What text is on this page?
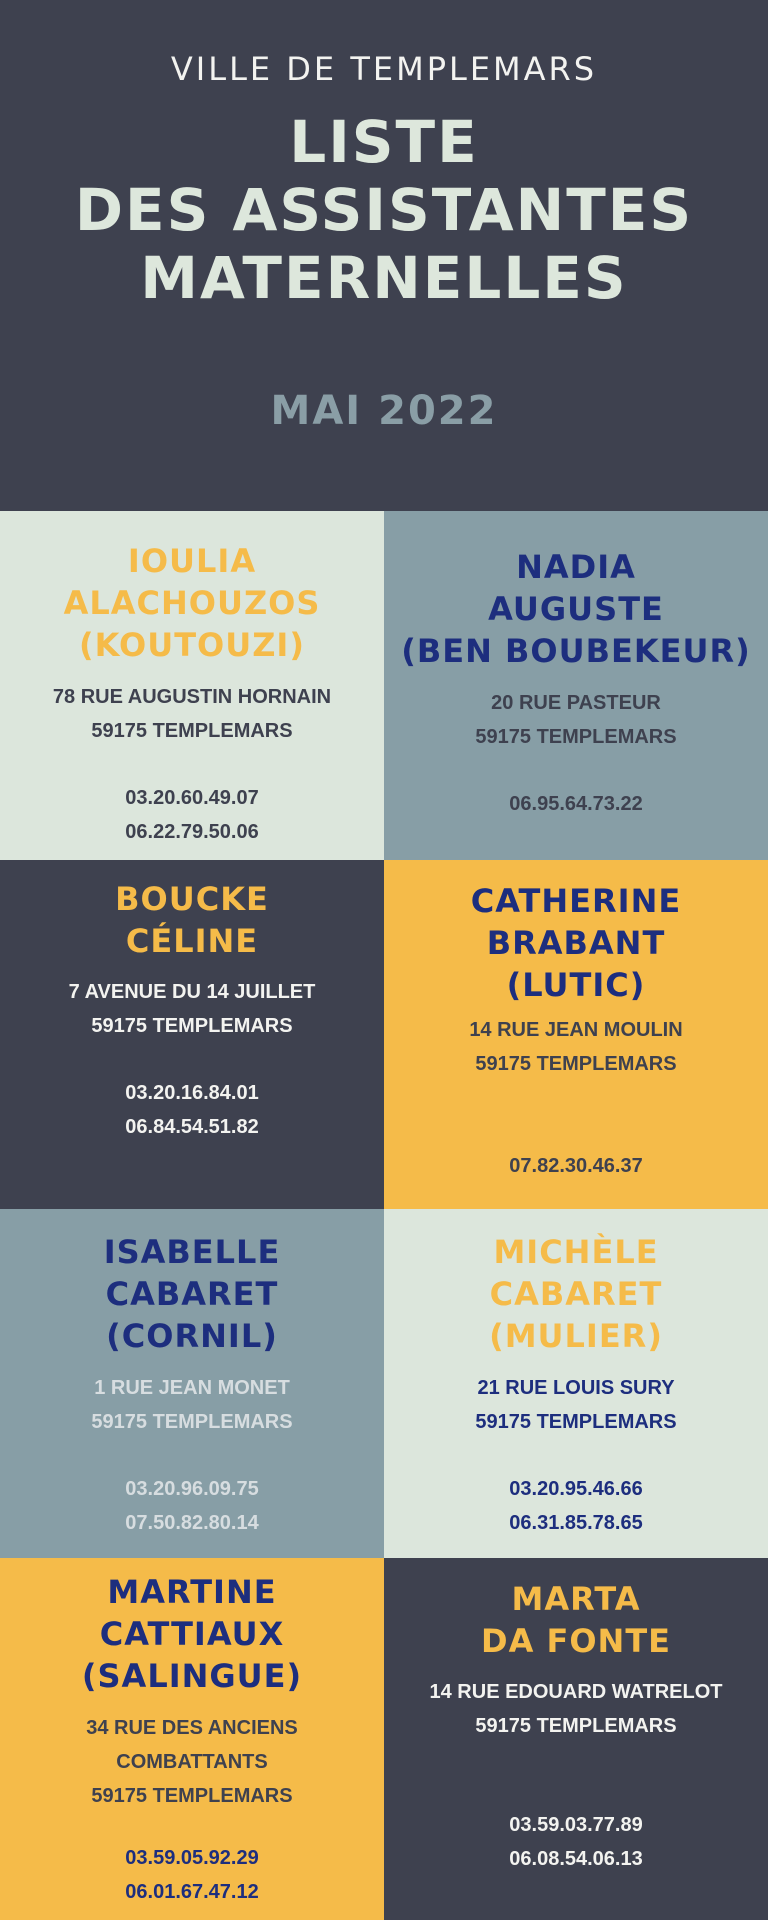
VILLE DE TEMPLEMARS
LISTE
DES ASSISTANTES
MATERNELLES
MAI 2022
IOULIA
ALACHOUZOS
(KOUTOUZI)
78 RUE AUGUSTIN HORNAIN
59175 TEMPLEMARS
03.20.60.49.07
06.22.79.50.06
NADIA
AUGUSTE
(BEN BOUBEKEUR)
20 RUE PASTEUR
59175 TEMPLEMARS
06.95.64.73.22
BOUCKE
CÉLINE
7 AVENUE DU 14 JUILLET
59175 TEMPLEMARS
03.20.16.84.01
06.84.54.51.82
CATHERINE
BRABANT
(LUTIC)
14 RUE JEAN MOULIN
59175 TEMPLEMARS
07.82.30.46.37
ISABELLE
CABARET
(CORNIL)
1 RUE JEAN MONET
59175 TEMPLEMARS
03.20.96.09.75
07.50.82.80.14
MICHÈLE
CABARET
(MULIER)
21 RUE LOUIS SURY
59175 TEMPLEMARS
03.20.95.46.66
06.31.85.78.65
MARTINE
CATTIAUX
(SALINGUE)
34 RUE DES ANCIENS
COMBATTANTS
59175 TEMPLEMARS
03.59.05.92.29
06.01.67.47.12
MARTA
DA FONTE
14 RUE EDOUARD WATRELOT
59175 TEMPLEMARS
03.59.03.77.89
06.08.54.06.13
